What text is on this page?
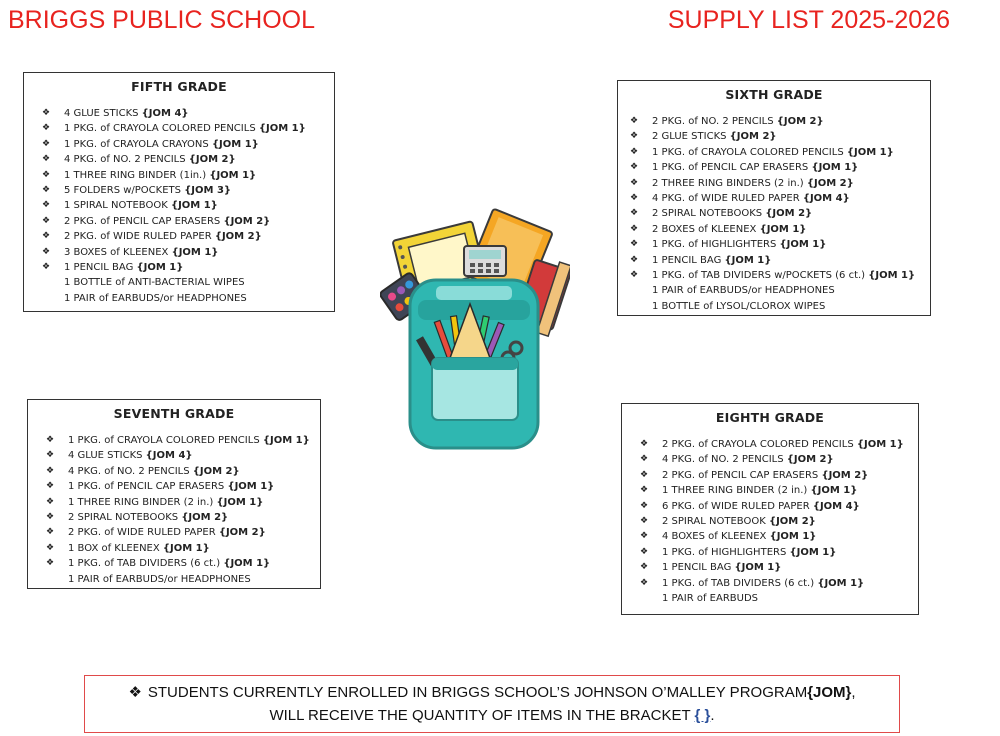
BRIGGS PUBLIC SCHOOL	SUPPLY LIST 2025-2026
FIFTH GRADE
❖ 4 GLUE STICKS {JOM 4}
❖ 1 PKG. of CRAYOLA COLORED PENCILS {JOM 1}
❖ 1 PKG. of CRAYOLA CRAYONS {JOM 1}
❖ 4 PKG. of NO. 2 PENCILS {JOM 2}
❖ 1 THREE RING BINDER (1in.) {JOM 1}
❖ 5 FOLDERS w/POCKETS {JOM 3}
❖ 1 SPIRAL NOTEBOOK {JOM 1}
❖ 2 PKG. of PENCIL CAP ERASERS {JOM 2}
❖ 2 PKG. of WIDE RULED PAPER {JOM 2}
❖ 3 BOXES of KLEENEX {JOM 1}
❖ 1 PENCIL BAG {JOM 1}
1 BOTTLE of ANTI-BACTERIAL WIPES
1 PAIR of EARBUDS/or HEADPHONES
SIXTH GRADE
❖ 2 PKG. of NO. 2 PENCILS {JOM 2}
❖ 2 GLUE STICKS {JOM 2}
❖ 1 PKG. of CRAYOLA COLORED PENCILS {JOM 1}
❖ 1 PKG. of PENCIL CAP ERASERS {JOM 1}
❖ 2 THREE RING BINDERS (2 in.) {JOM 2}
❖ 4 PKG. of WIDE RULED PAPER {JOM 4}
❖ 2 SPIRAL NOTEBOOKS {JOM 2}
❖ 2 BOXES of KLEENEX {JOM 1}
❖ 1 PKG. of HIGHLIGHTERS {JOM 1}
❖ 1 PENCIL BAG {JOM 1}
❖ 1 PKG. of TAB DIVIDERS w/POCKETS (6 ct.) {JOM 1}
1 PAIR of EARBUDS/or HEADPHONES
1 BOTTLE of LYSOL/CLOROX WIPES
SEVENTH GRADE
❖ 1 PKG. of CRAYOLA COLORED PENCILS {JOM 1}
❖ 4 GLUE STICKS {JOM 4}
❖ 4 PKG. of NO. 2 PENCILS {JOM 2}
❖ 1 PKG. of PENCIL CAP ERASERS {JOM 1}
❖ 1 THREE RING BINDER (2 in.) {JOM 1}
❖ 2 SPIRAL NOTEBOOKS {JOM 2}
❖ 2 PKG. of WIDE RULED PAPER {JOM 2}
❖ 1 BOX of KLEENEX {JOM 1}
❖ 1 PKG. of TAB DIVIDERS (6 ct.) {JOM 1}
1 PAIR of EARBUDS/or HEADPHONES
EIGHTH GRADE
❖ 2 PKG. of CRAYOLA COLORED PENCILS {JOM 1}
❖ 4 PKG. of NO. 2 PENCILS {JOM 2}
❖ 2 PKG. of PENCIL CAP ERASERS {JOM 2}
❖ 1 THREE RING BINDER (2 in.) {JOM 1}
❖ 6 PKG. of WIDE RULED PAPER {JOM 4}
❖ 2 SPIRAL NOTEBOOK {JOM 2}
❖ 4 BOXES of KLEENEX {JOM 1}
❖ 1 PKG. of HIGHLIGHTERS {JOM 1}
❖ 1 PENCIL BAG {JOM 1}
❖ 1 PKG. of TAB DIVIDERS (6 ct.) {JOM 1}
1 PAIR of EARBUDS
❖ STUDENTS CURRENTLY ENROLLED IN BRIGGS SCHOOL’S JOHNSON O’MALLEY PROGRAM{JOM},
WILL RECEIVE THE QUANTITY OF ITEMS IN THE BRACKET { }.
